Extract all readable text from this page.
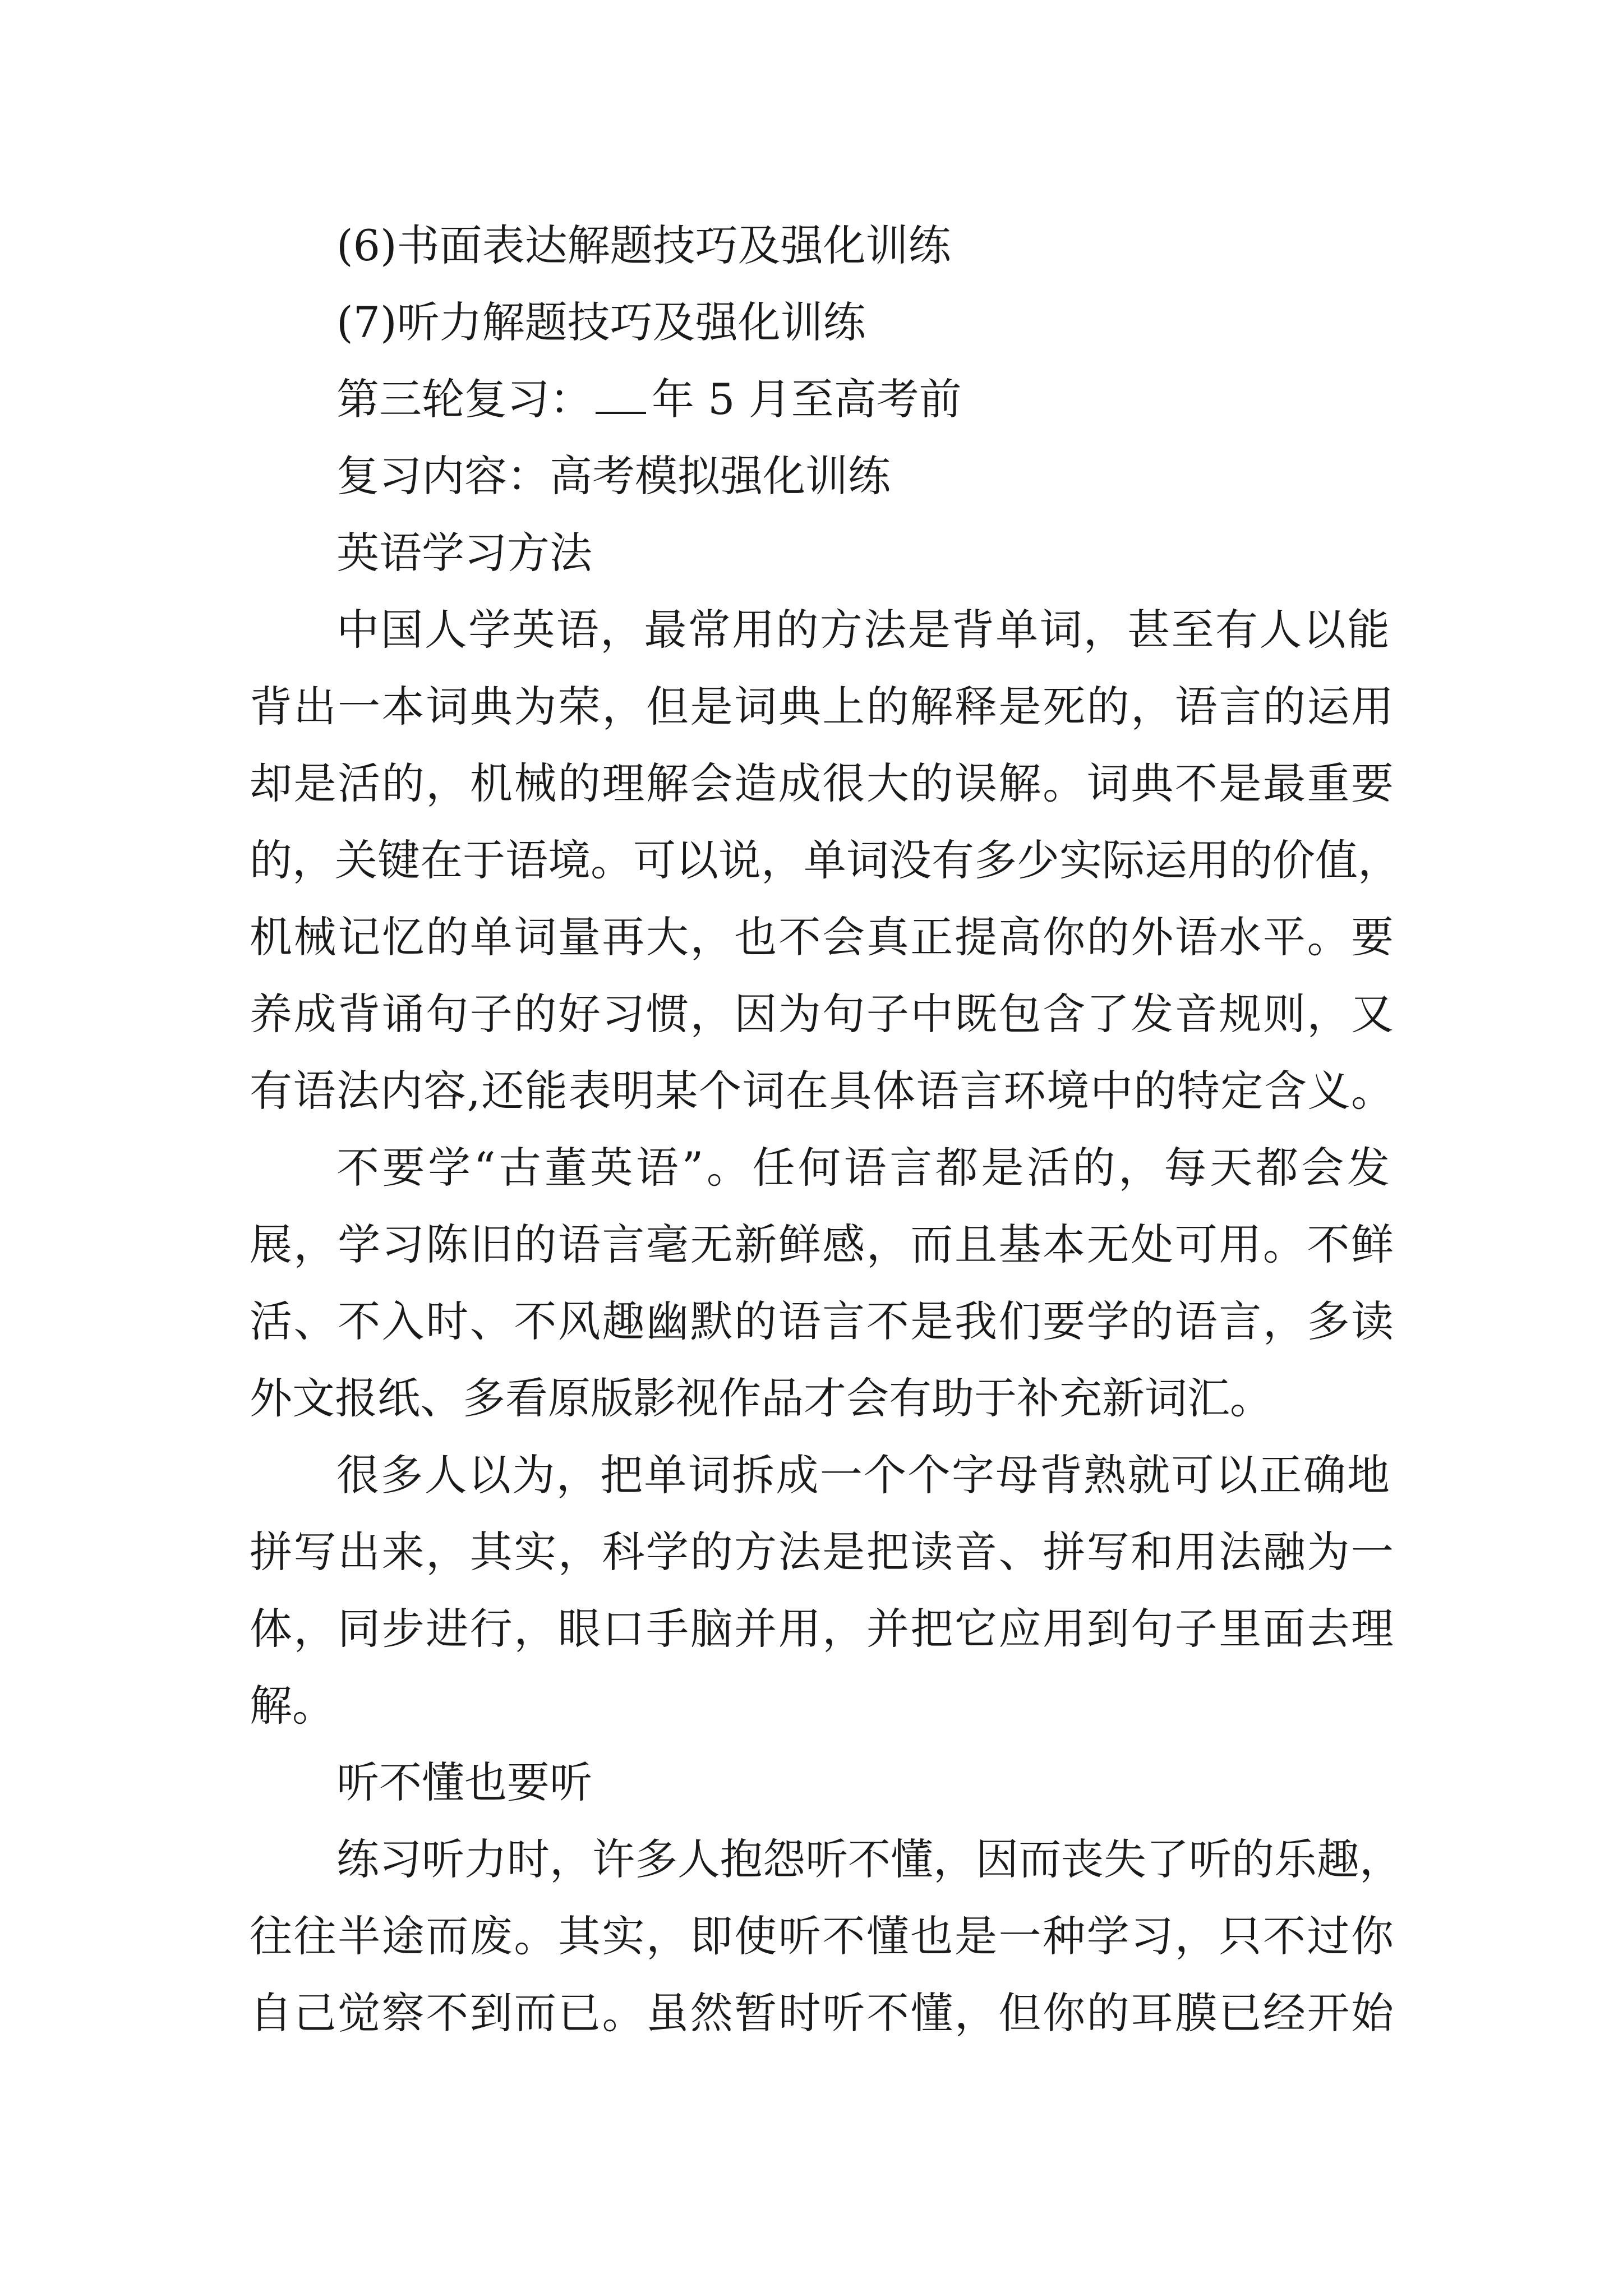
(6)书面表达解题技巧及强化训练
(7)听力解题技巧及强化训练
第三轮复习： 年 5 月至高考前
复习内容：高考模拟强化训练
英语学习方法
中国人学英语，最常用的方法是背单词，甚至有人以能
背出一本词典为荣，但是词典上的解释是死的，语言的运用
却是活的，机械的理解会造成很大的误解。词典不是最重要
的，关键在于语境。可以说，单词没有多少实际运用的价值，
机械记忆的单词量再大，也不会真正提高你的外语水平。要
养成背诵句子的好习惯，因为句子中既包含了发音规则，又
有语法内容,还能表明某个词在具体语言环境中的特定含义。
不要学“古董英语”。任何语言都是活的，每天都会发
展，学习陈旧的语言毫无新鲜感，而且基本无处可用。不鲜
活、不入时、不风趣幽默的语言不是我们要学的语言，多读
外文报纸、多看原版影视作品才会有助于补充新词汇。
很多人以为，把单词拆成一个个字母背熟就可以正确地
拼写出来，其实，科学的方法是把读音、拼写和用法融为一
体，同步进行，眼口手脑并用，并把它应用到句子里面去理
解。
听不懂也要听
练习听力时，许多人抱怨听不懂，因而丧失了听的乐趣，
往往半途而废。其实，即使听不懂也是一种学习，只不过你
自己觉察不到而已。虽然暂时听不懂，但你的耳膜已经开始
